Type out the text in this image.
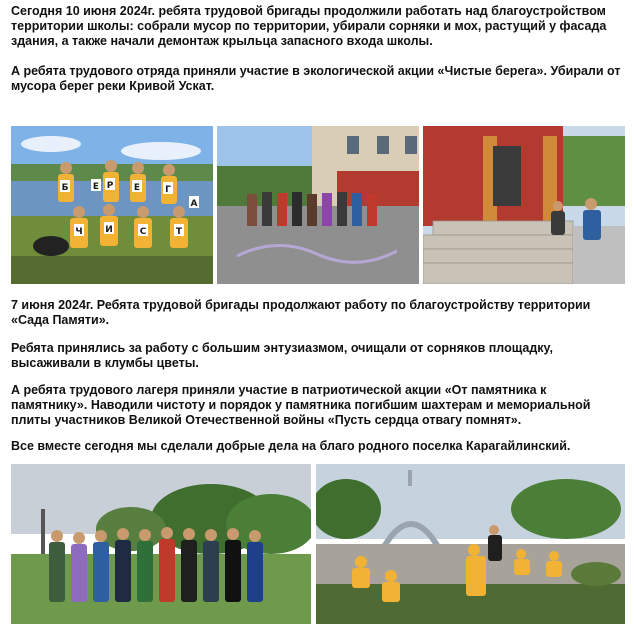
Сегодня 10 июня 2024г. ребята трудовой бригады продолжили работать над благоустройством территории школы: собрали мусор по территории, убирали сорняки и мох, растущий у фасада здания, а также начали демонтаж крыльца запасного входа школы.

А ребята трудового отряда приняли участие в экологической акции «Чистые берега». Убирали от мусора берег реки Кривой Ускат.

Б	Е Р Е	Г
А
Ч	И	С	Т

7 июня 2024г. Ребята трудовой бригады продолжают работу по благоустройству территории «Сада Памяти».

Ребята принялись за работу с большим энтузиазмом, очищали от сорняков площадку, высаживали в клумбы цветы.

А ребята трудового лагеря приняли участие в патриотической акции «От памятника к памятнику». Наводили чистоту и порядок у памятника погибшим шахтерам и мемориальной плиты участников Великой Отечественной войны «Пусть сердца отвагу помнят».

Все вместе сегодня мы сделали добрые дела на благо родного поселка Карагайлинский.
